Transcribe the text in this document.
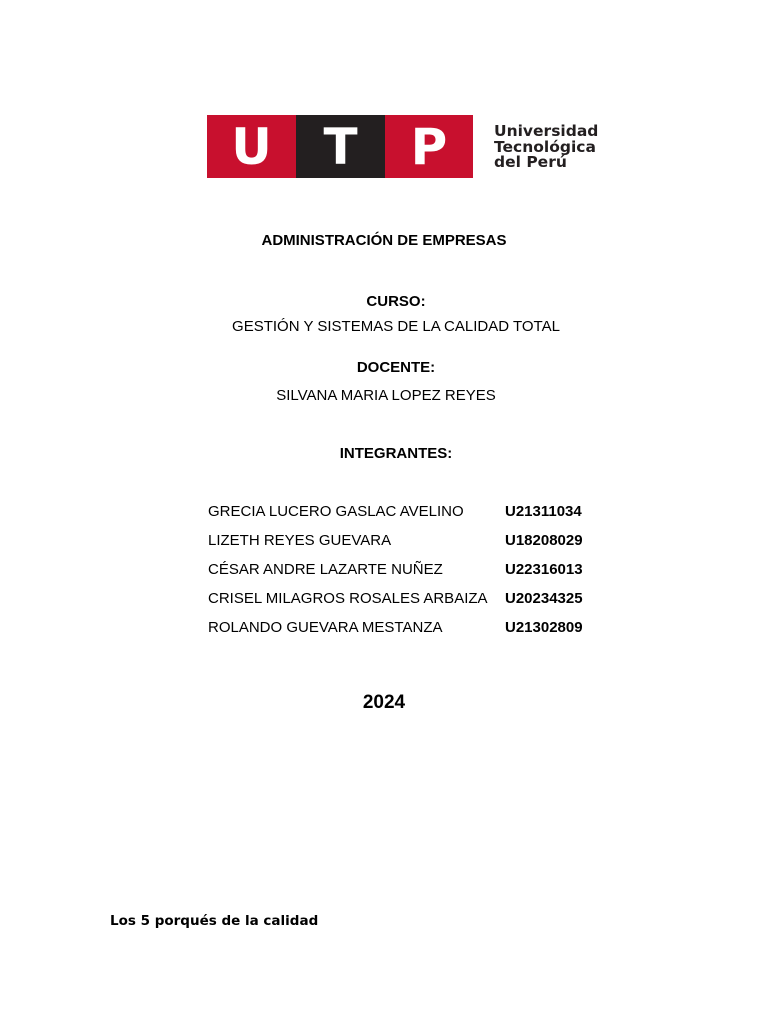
U	T	P	Universidad
Tecnológica
del Perú
ADMINISTRACIÓN DE EMPRESAS
CURSO:
GESTIÓN Y SISTEMAS DE LA CALIDAD TOTAL
DOCENTE:
SILVANA MARIA LOPEZ REYES
INTEGRANTES:
GRECIA LUCERO GASLAC AVELINO	U21311034
LIZETH REYES GUEVARA	U18208029
CÉSAR ANDRE LAZARTE NUÑEZ	U22316013
CRISEL MILAGROS ROSALES ARBAIZA U20234325
ROLANDO GUEVARA MESTANZA	U21302809
2024
Los 5 porqués de la calidad
